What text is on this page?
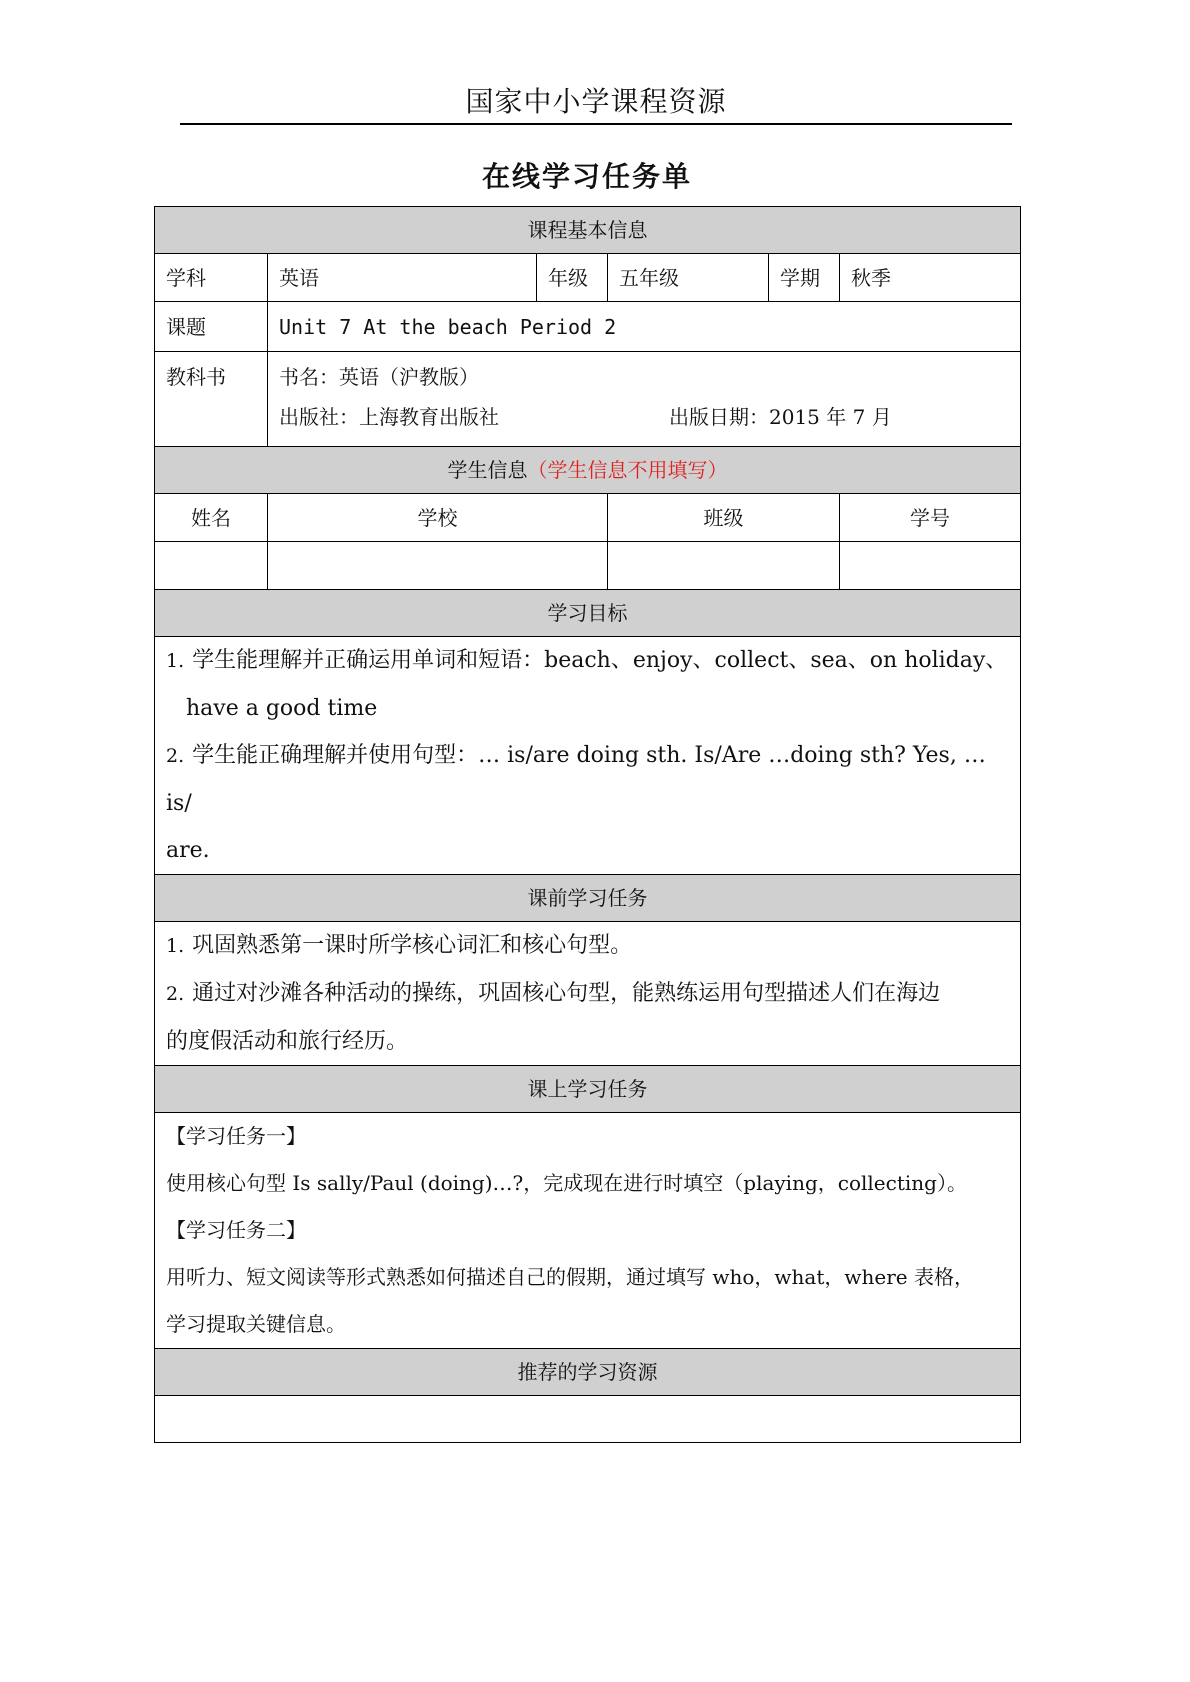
国家中小学课程资源
在线学习任务单
课程基本信息					
学科	英语	年级	五年级	学期	秋季
课题	Unit 7 At the beach Period 2				
教科书	书名：英语（沪教版）
出版社：上海教育出版社 出版日期：2015 年 7 月				

学生信息（学生信息不用填写）					
姓名	学校		班级		学号

学习目标					

1. 学生能理解并正确运用单词和短语：beach、enjoy、collect、sea、on holiday、
have a good time
2. 学生能正确理解并使用句型：… is/are doing sth. Is/Are …doing sth? Yes, …is/
are.					

课前学习任务					

1. 巩固熟悉第一课时所学核心词汇和核心句型。
2. 通过对沙滩各种活动的操练，巩固核心句型，能熟练运用句型描述人们在海边
的度假活动和旅行经历。					

课上学习任务					

【学习任务一】
使用核心句型 Is sally/Paul (doing)…?，完成现在进行时填空（playing，collecting）。
【学习任务二】
用听力、短文阅读等形式熟悉如何描述自己的假期，通过填写 who，what，where 表格，
学习提取关键信息。					

推荐的学习资源					
